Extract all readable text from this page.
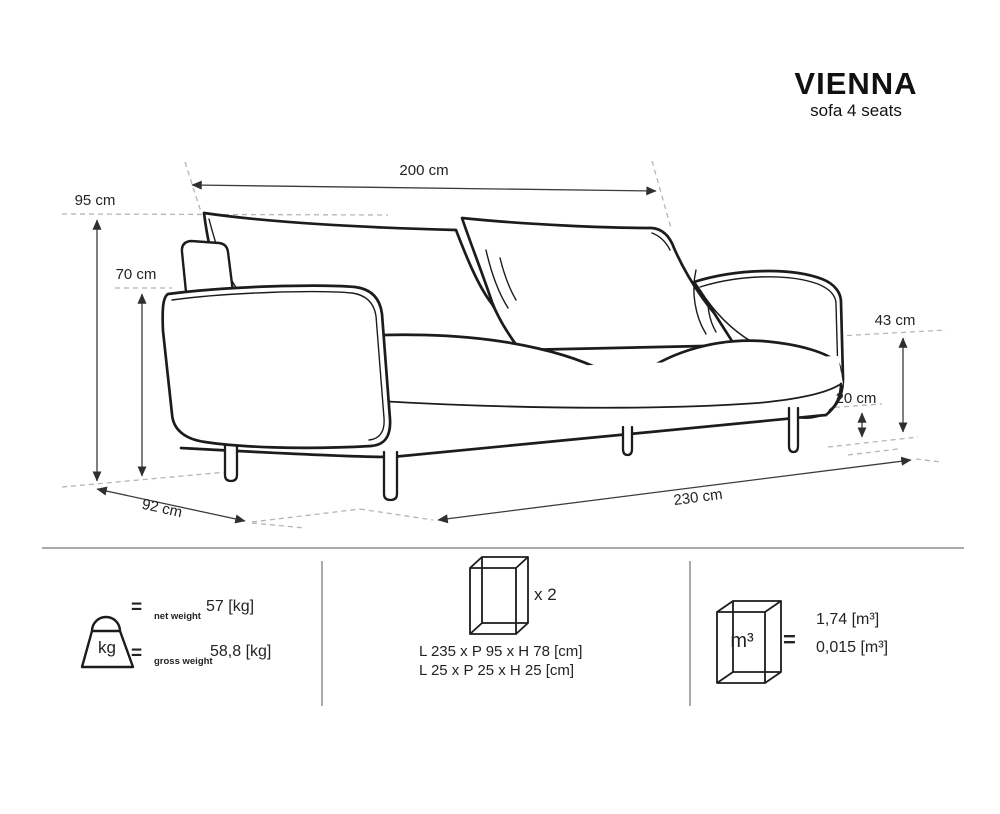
VIENNA
sofa 4 seats
200 cm
95 cm
70 cm
43 cm
20 cm
92 cm	230 cm
kg
= net weight
57 [kg]
= gross weight
58,8 [kg]
x 2
L 235 x P 95 x H 78 [cm]
L 25 x P 25 x H 25 [cm]
m³	=
1,74 [m³]
0,015 [m³]
